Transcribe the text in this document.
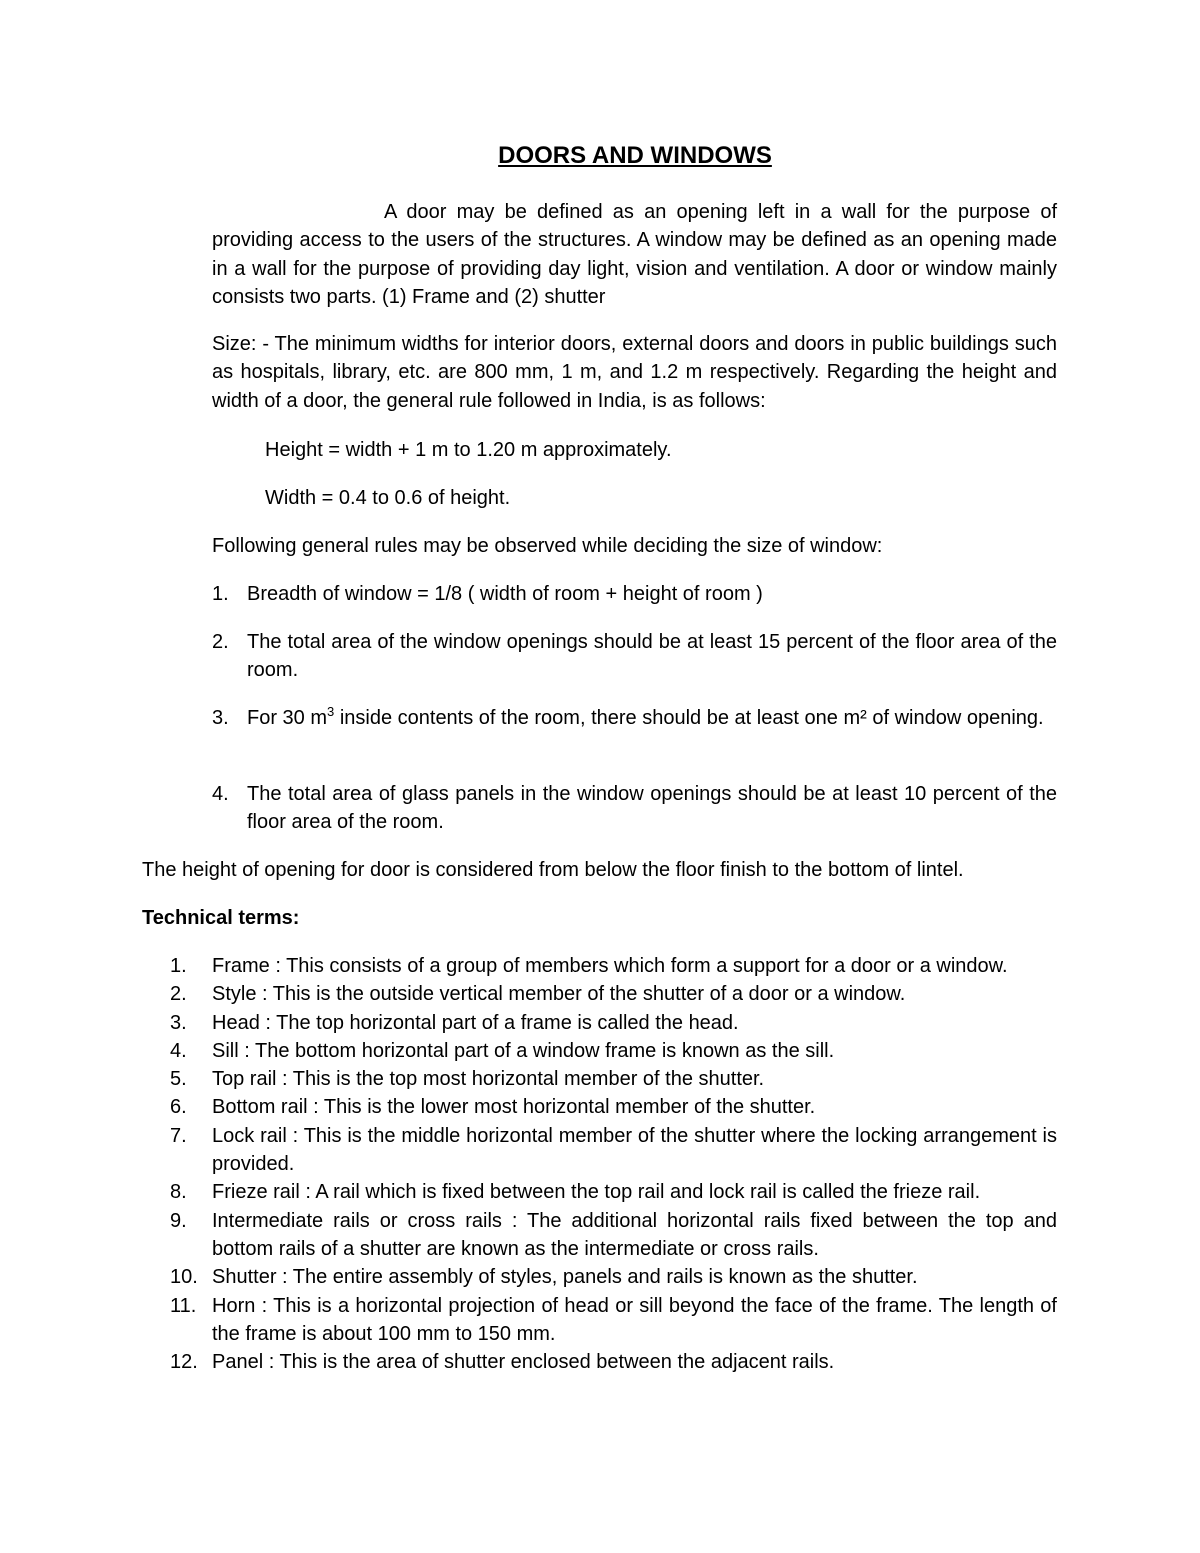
DOORS AND WINDOWS

A door may be defined as an opening left in a wall for the purpose of providing access to the users of the structures. A window may be defined as an opening made in a wall for the purpose of providing day light, vision and ventilation. A door or window mainly consists two parts. (1) Frame and (2) shutter

Size: - The minimum widths for interior doors, external doors and doors in public buildings such as hospitals, library, etc. are 800 mm, 1 m, and 1.2 m respectively. Regarding the height and width of a door, the general rule followed in India, is as follows:

Height = width + 1 m to 1.20 m approximately.

Width = 0.4 to 0.6 of height.

Following general rules may be observed while deciding the size of window:

1. Breadth of window = 1/8 ( width of room + height of room )
2. The total area of the window openings should be at least 15 percent of the floor area of the room.
3. For 30 $m^3$ inside contents of the room, there should be at least one m² of window opening.
4. The total area of glass panels in the window openings should be at least 10 percent of the floor area of the room.

The height of opening for door is considered from below the floor finish to the bottom of lintel.

Technical terms:

1.	Frame : This consists of a group of members which form a support for a door or a window.
2.	Style : This is the outside vertical member of the shutter of a door or a window.
3.	Head : The top horizontal part of a frame is called the head.
4.	Sill : The bottom horizontal part of a window frame is known as the sill.
5.	Top rail : This is the top most horizontal member of the shutter.
6.	Bottom rail : This is the lower most horizontal member of the shutter.
7.	Lock rail : This is the middle horizontal member of the shutter where the locking arrangement is provided.
8.	Frieze rail : A rail which is fixed between the top rail and lock rail is called the frieze rail.
9.	Intermediate rails or cross rails : The additional horizontal rails fixed between the top and bottom rails of a shutter are known as the intermediate or cross rails.
10. Shutter : The entire assembly of styles, panels and rails is known as the shutter.
11. Horn : This is a horizontal projection of head or sill beyond the face of the frame. The length of the frame is about 100 mm to 150 mm.
12. Panel : This is the area of shutter enclosed between the adjacent rails.
